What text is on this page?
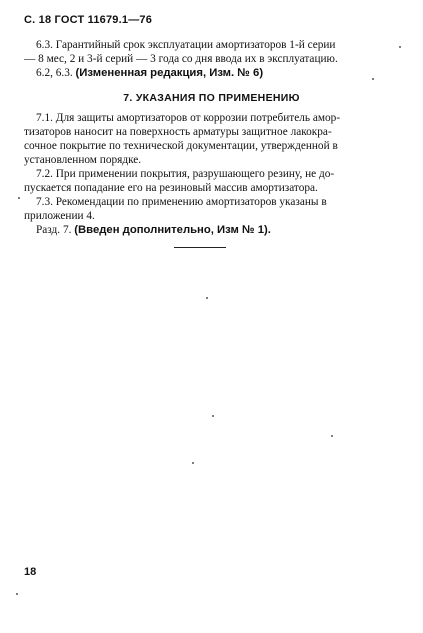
С. 18 ГОСТ 11679.1—76

6.3. Гарантийный срок эксплуатации амортизаторов 1-й серии

— 8 мес, 2 и 3-й серий — 3 года со дня ввода их в эксплуатацию.

6.2, 6.3. (Измененная редакция, Изм. № 6)

7. УКАЗАНИЯ ПО ПРИМЕНЕНИЮ

7.1. Для защиты амортизаторов от коррозии потребитель амор-

тизаторов наносит на поверхность арматуры защитное лакокра-

сочное покрытие по технической документации, утвержденной в

установленном порядке.

7.2. При применении покрытия, разрушающего резину, не до-

пускается попадание его на резиновый массив амортизатора.

7.3. Рекомендации по применению амортизаторов указаны в

приложении 4.

Разд. 7. (Введен дополнительно, Изм № 1).

18
